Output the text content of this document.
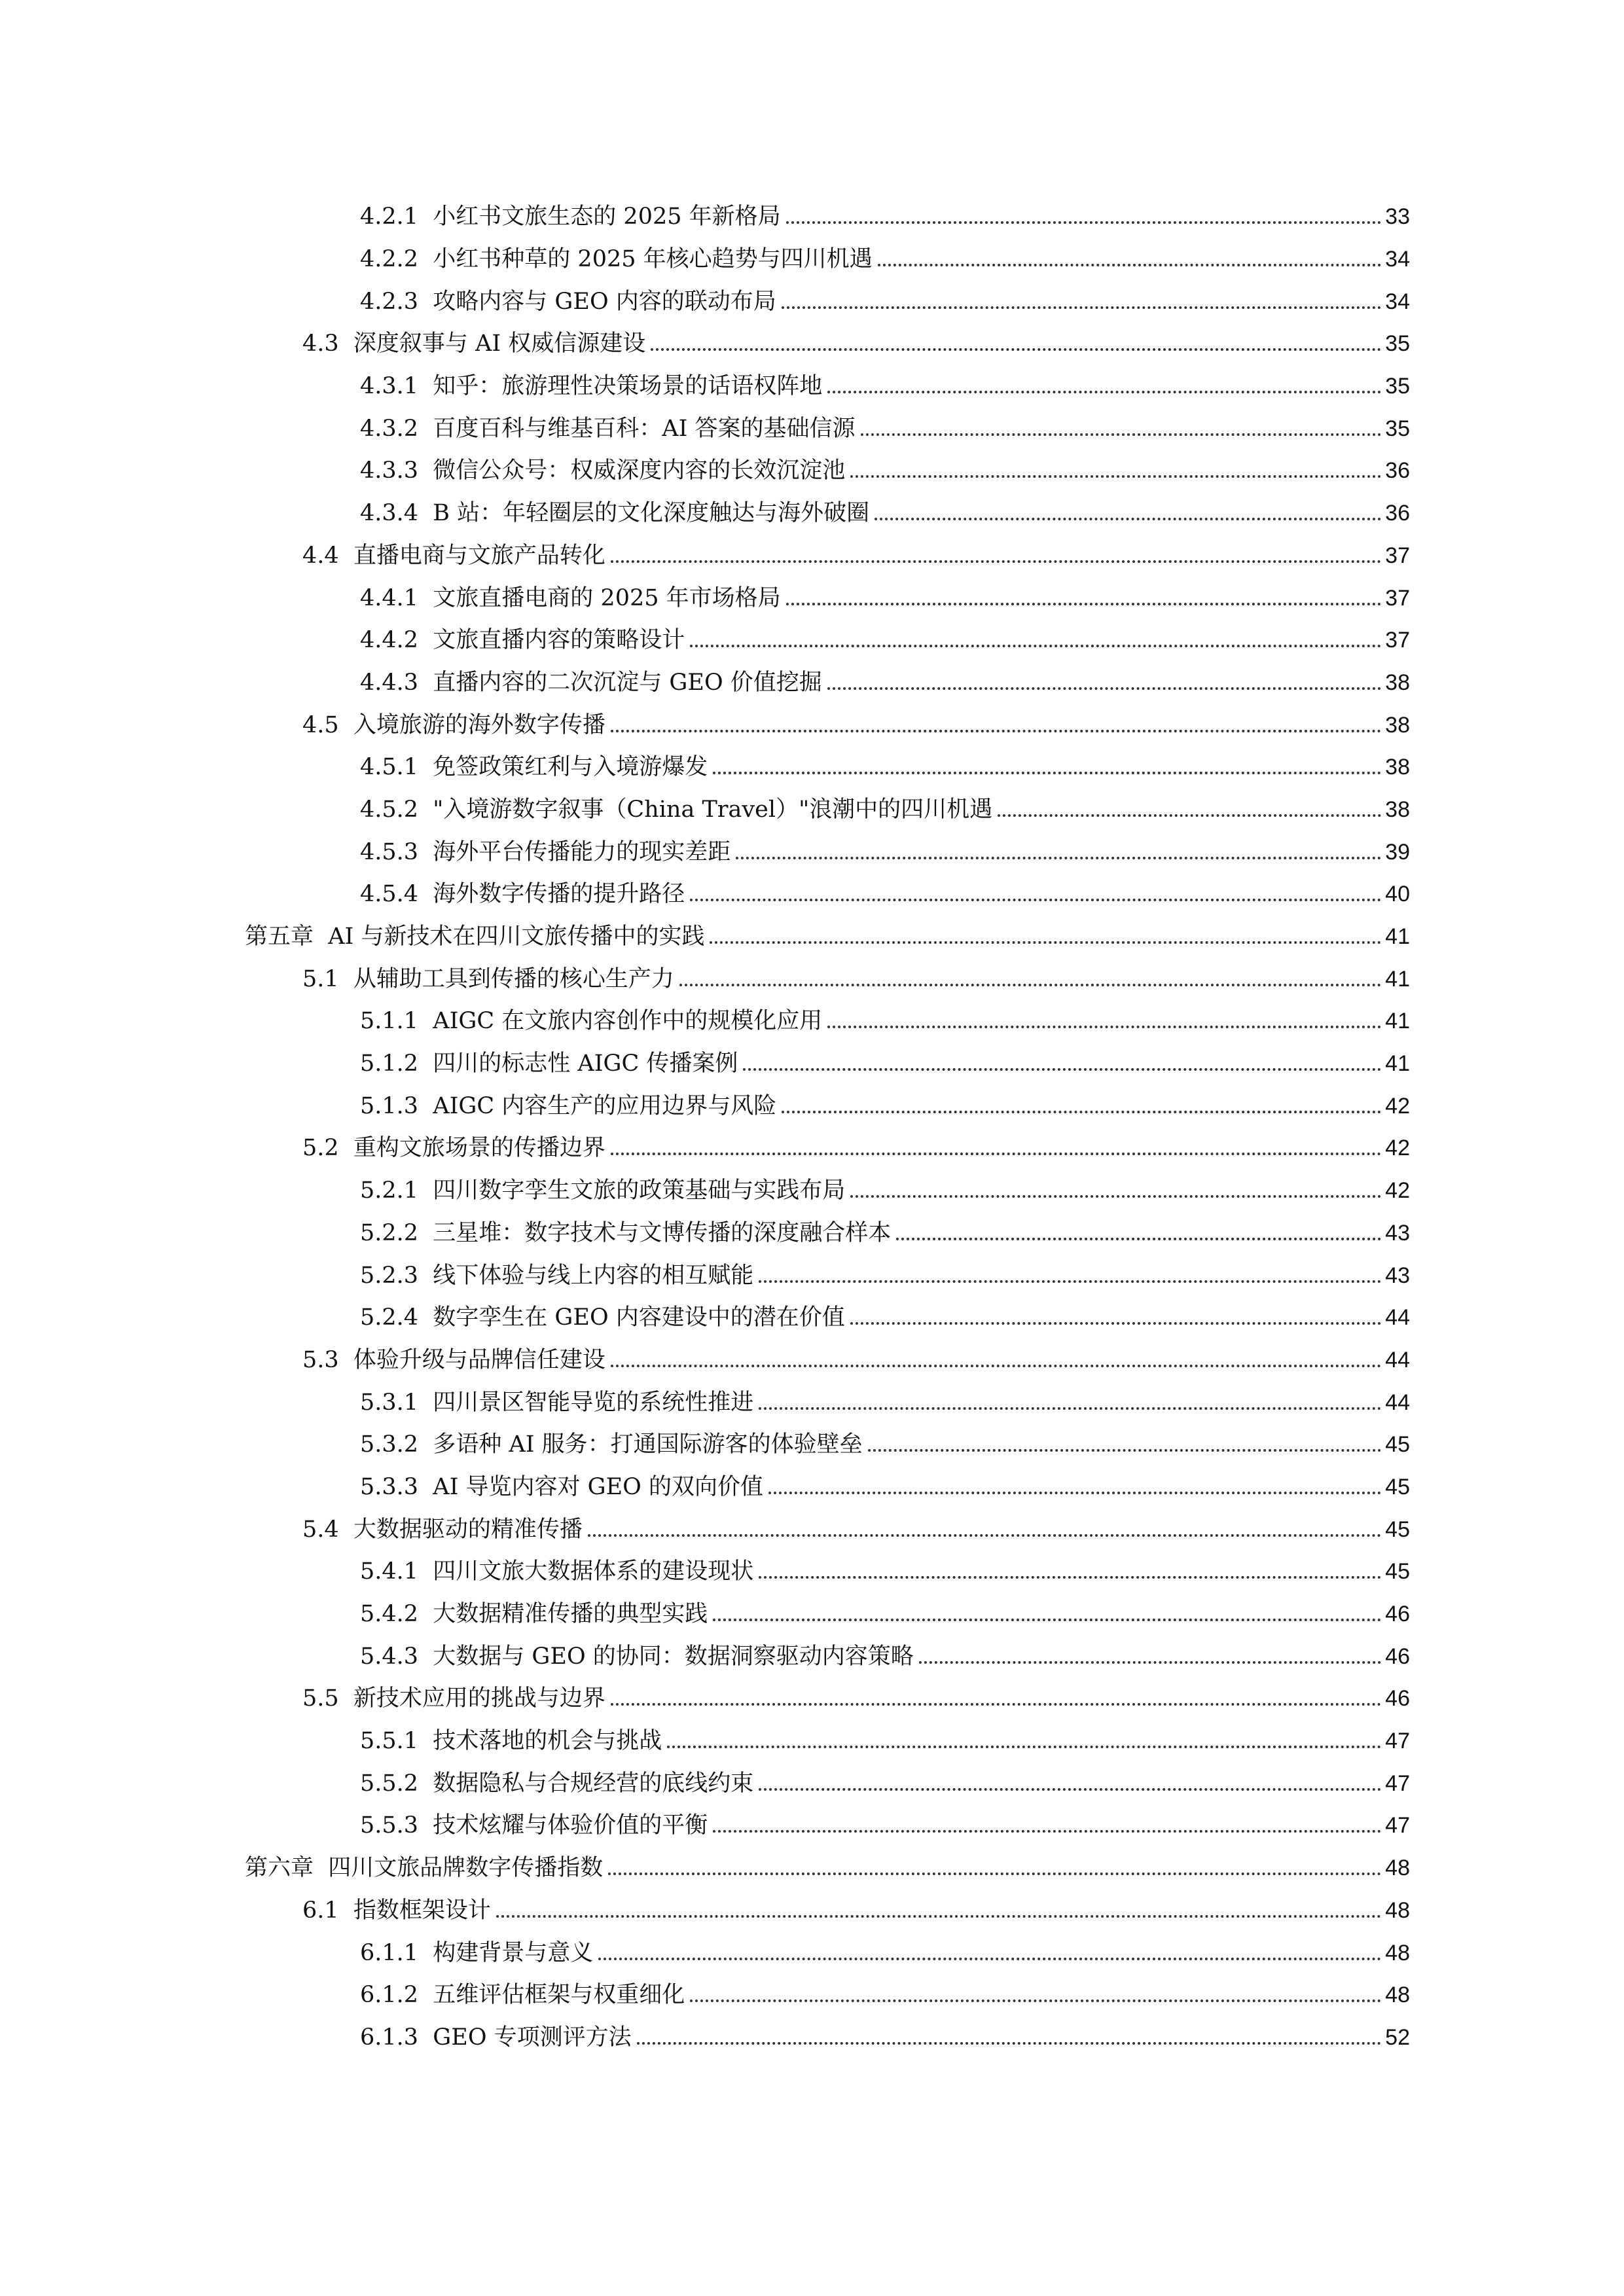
4.2.1  小红书文旅生态的 2025 年新格局	33
4.2.2  小红书种草的 2025 年核心趋势与四川机遇	34
4.2.3  攻略内容与 GEO 内容的联动布局	34
4.3  深度叙事与 AI 权威信源建设	35
4.3.1  知乎：旅游理性决策场景的话语权阵地	35
4.3.2  百度百科与维基百科：AI 答案的基础信源	35
4.3.3  微信公众号：权威深度内容的长效沉淀池	36
4.3.4  B 站：年轻圈层的文化深度触达与海外破圈	36
4.4  直播电商与文旅产品转化	37
4.4.1  文旅直播电商的 2025 年市场格局	37
4.4.2  文旅直播内容的策略设计	37
4.4.3  直播内容的二次沉淀与 GEO 价值挖掘	38
4.5  入境旅游的海外数字传播	38
4.5.1  免签政策红利与入境游爆发	38
4.5.2  "入境游数字叙事（China Travel）"浪潮中的四川机遇	38
4.5.3  海外平台传播能力的现实差距	39
4.5.4  海外数字传播的提升路径	40
第五章  AI 与新技术在四川文旅传播中的实践	41
5.1  从辅助工具到传播的核心生产力	41
5.1.1  AIGC 在文旅内容创作中的规模化应用	41
5.1.2  四川的标志性 AIGC 传播案例	41
5.1.3  AIGC 内容生产的应用边界与风险	42
5.2  重构文旅场景的传播边界	42
5.2.1  四川数字孪生文旅的政策基础与实践布局	42
5.2.2  三星堆：数字技术与文博传播的深度融合样本	43
5.2.3  线下体验与线上内容的相互赋能	43
5.2.4  数字孪生在 GEO 内容建设中的潜在价值	44
5.3  体验升级与品牌信任建设	44
5.3.1  四川景区智能导览的系统性推进	44
5.3.2  多语种 AI 服务：打通国际游客的体验壁垒	45
5.3.3  AI 导览内容对 GEO 的双向价值	45
5.4  大数据驱动的精准传播	45
5.4.1  四川文旅大数据体系的建设现状	45
5.4.2  大数据精准传播的典型实践	46
5.4.3  大数据与 GEO 的协同：数据洞察驱动内容策略	46
5.5  新技术应用的挑战与边界	46
5.5.1  技术落地的机会与挑战	47
5.5.2  数据隐私与合规经营的底线约束	47
5.5.3  技术炫耀与体验价值的平衡	47
第六章  四川文旅品牌数字传播指数	48
6.1  指数框架设计	48
6.1.1  构建背景与意义	48
6.1.2  五维评估框架与权重细化	48
6.1.3  GEO 专项测评方法	52
